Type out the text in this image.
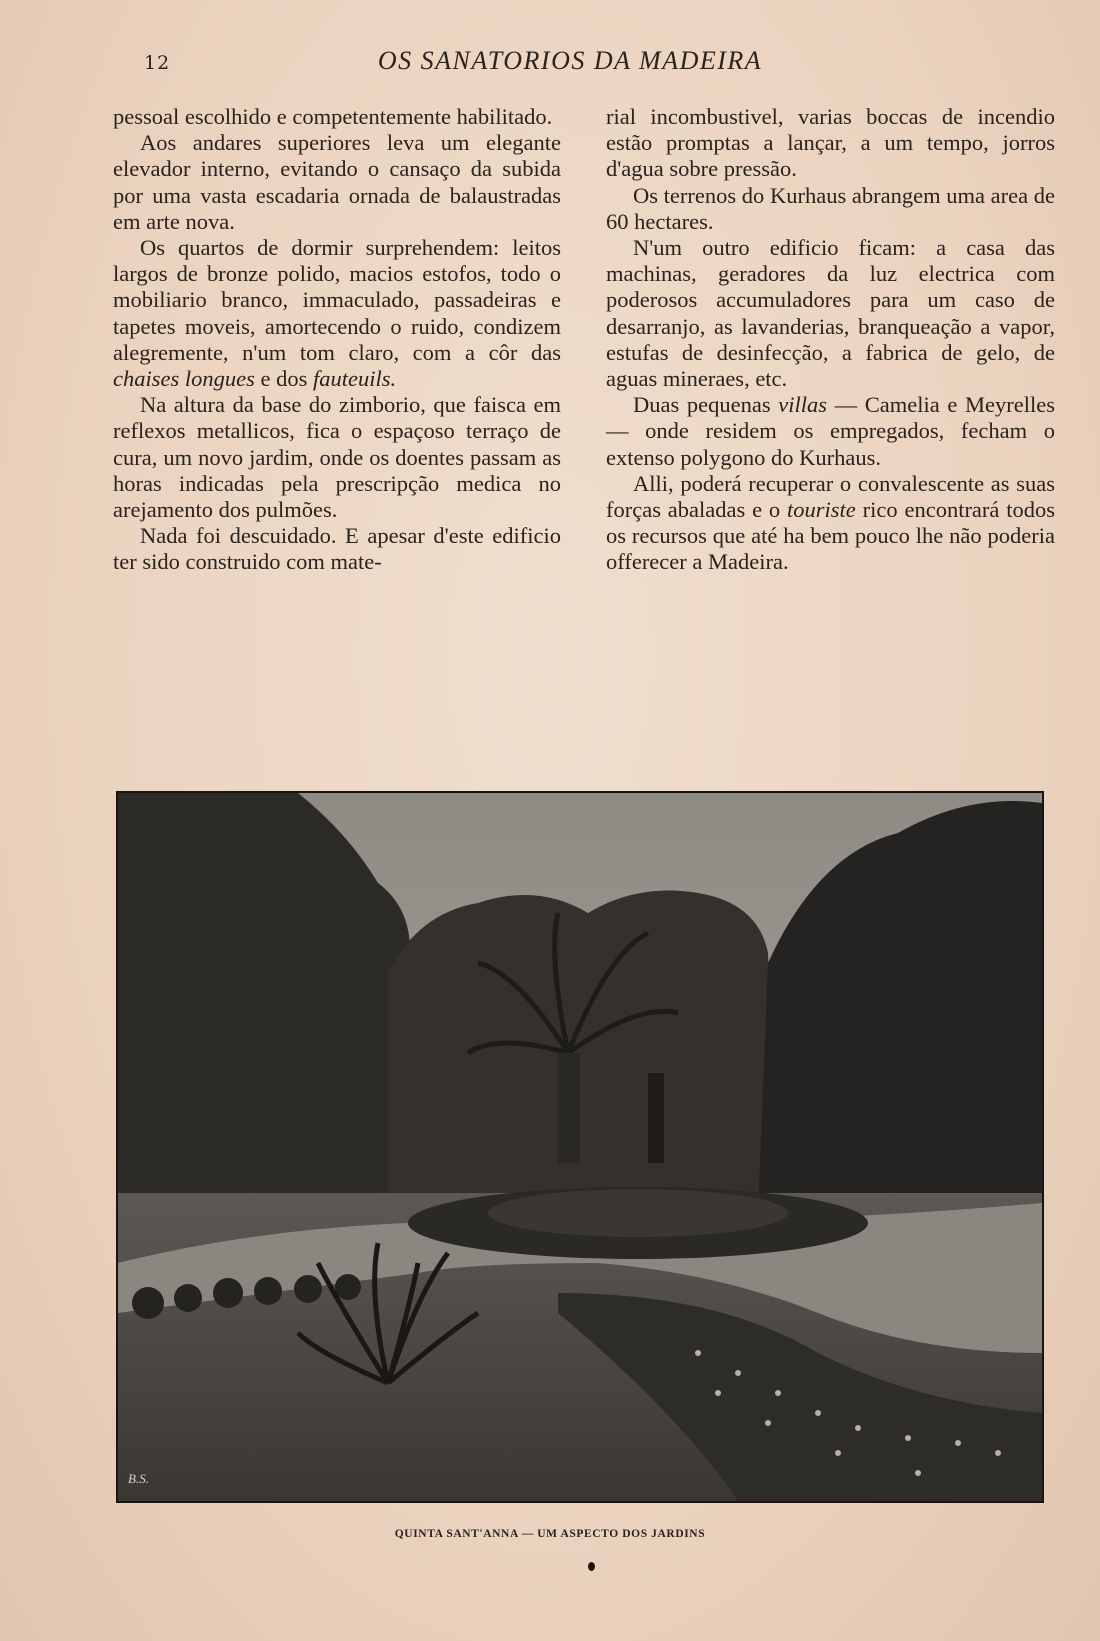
12	OS SANATORIOS DA MADEIRA

pessoal escolhido e competentemente habilitado.

Aos andares superiores leva um elegante elevador interno, evitando o cansaço da subida por uma vasta escadaria ornada de balaustradas em arte nova.

Os quartos de dormir surprehendem: leitos largos de bronze polido, macios estofos, todo o mobiliario branco, immaculado, passadeiras e tapetes moveis, amortecendo o ruido, condizem alegremente, n'um tom claro, com a côr das chaises longues e dos fauteuils.

Na altura da base do zimborio, que faisca em reflexos metallicos, fica o espaçoso terraço de cura, um novo jardim, onde os doentes passam as horas indicadas pela prescripção medica no arejamento dos pulmões.

Nada foi descuidado. E apesar d'este edificio ter sido construido com mate-

rial incombustivel, varias boccas de incendio estão promptas a lançar, a um tempo, jorros d'agua sobre pressão.

Os terrenos do Kurhaus abrangem uma area de 60 hectares.

N'um outro edificio ficam: a casa das machinas, geradores da luz electrica com poderosos accumuladores para um caso de desarranjo, as lavanderias, branqueação a vapor, estufas de desinfecção, a fabrica de gelo, de aguas mineraes, etc.

Duas pequenas villas — Camelia e Meyrelles — onde residem os empregados, fecham o extenso polygono do Kurhaus.

Alli, poderá recuperar o convalescente as suas forças abaladas e o touriste rico encontrará todos os recursos que até ha bem pouco lhe não poderia offerecer a Madeira.

B.S.
QUINTA SANT'ANNA — UM ASPECTO DOS JARDINS
